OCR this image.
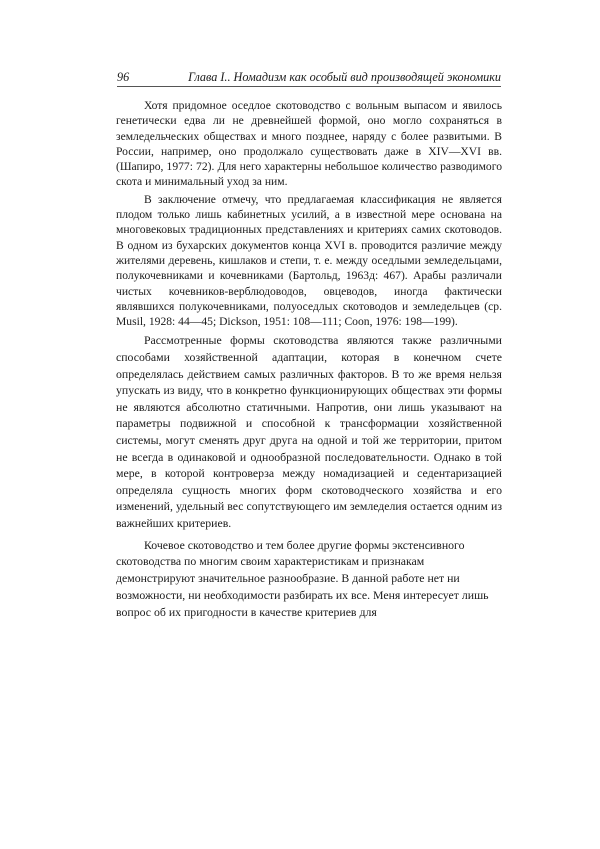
96	Глава I.. Номадизм как особый вид производящей экономики

Хотя придомное оседлое скотоводство с вольным выпасом и явилось генетически едва ли не древнейшей формой, оно могло сохраняться в земледельческих обществах и много позднее, наряду с более развитыми. В России, например, оно продолжало существовать даже в XIV—XVI вв. (Шапиро, 1977: 72). Для него характерны небольшое количество разводимого скота и минимальный уход за ним.

В заключение отмечу, что предлагаемая классификация не является плодом только лишь кабинетных усилий, а в известной мере основана на многовековых традиционных представлениях и критериях самих скотоводов. В одном из бухарских документов конца XVI в. проводится различие между жителями деревень, кишлаков и степи, т. е. между оседлыми земледельцами, полукочевниками и кочевниками (Бартольд, 1963д: 467). Арабы различали чистых кочевников-верблюдоводов, овцеводов, иногда фактически являвшихся полукочевниками, полуоседлых скотоводов и земледельцев (ср. Musil, 1928: 44—45; Dickson, 1951: 108—111; Coon, 1976: 198—199).

Рассмотренные формы скотоводства являются также различными способами хозяйственной адаптации, которая в конечном счете определялась действием самых различных факторов. В то же время нельзя упускать из виду, что в конкретно функционирующих обществах эти формы не являются абсолютно статичными. Напротив, они лишь указывают на параметры подвижной и способной к трансформации хозяйственной системы, могут сменять друг друга на одной и той же территории, притом не всегда в одинаковой и однообразной последовательности. Однако в той мере, в которой контроверза между номадизацией и седентаризацией определяла сущность многих форм скотоводческого хозяйства и его изменений, удельный вес сопутствующего им земледелия остается одним из важнейших критериев.

Кочевое скотоводство и тем более другие формы экстенсивного скотоводства по многим своим характеристикам и признакам демонстрируют значительное разнообразие. В данной работе нет ни возможности, ни необходимости разбирать их все. Меня интересует лишь вопрос об их пригодности в качестве критериев для
